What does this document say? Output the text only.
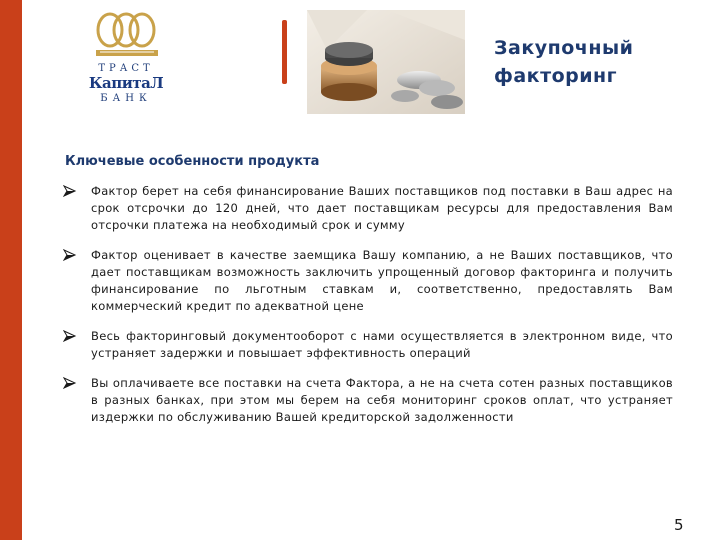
ТРАСТ
КапитаЛ
БАНК
Закупочный
факторинг
Ключевые особенности продукта
Фактор берет на себя финансирование Ваших поставщиков под поставки в Ваш адрес на срок отсрочки до 120 дней, что дает поставщикам ресурсы для предоставления Вам отсрочки платежа на необходимый срок и сумму
Фактор оценивает в качестве заемщика Вашу компанию, а не Ваших поставщиков, что дает поставщикам возможность заключить упрощенный договор факторинга и получить финансирование по льготным ставкам и, соответственно, предоставлять Вам коммерческий кредит по адекватной цене
Весь факторинговый документооборот с нами осуществляется в электронном виде, что устраняет задержки и повышает эффективность операций
Вы оплачиваете все поставки на счета Фактора, а не на счета сотен разных поставщиков в разных банках, при этом мы берем на себя мониторинг сроков оплат, что устраняет издержки по обслуживанию Вашей кредиторской задолженности
5
